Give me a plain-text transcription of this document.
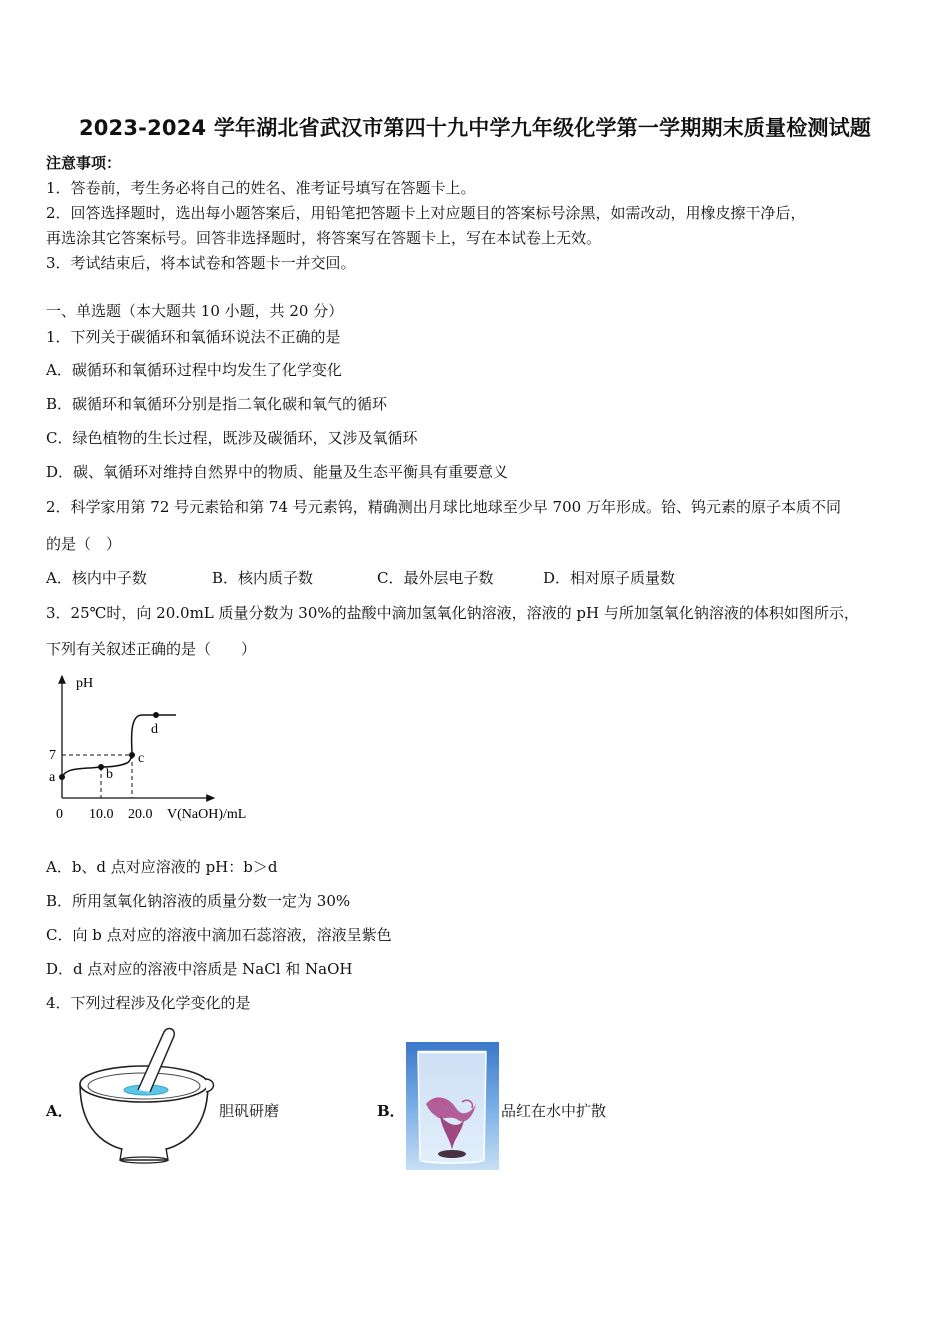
2023-2024 学年湖北省武汉市第四十九中学九年级化学第一学期期末质量检测试题
注意事项：
1．答卷前，考生务必将自己的姓名、准考证号填写在答题卡上。
2．回答选择题时，选出每小题答案后，用铅笔把答题卡上对应题目的答案标号涂黑，如需改动，用橡皮擦干净后，
再选涂其它答案标号。回答非选择题时，将答案写在答题卡上，写在本试卷上无效。
3．考试结束后，将本试卷和答题卡一并交回。
一、单选题（本大题共 10 小题，共 20 分）
1．下列关于碳循环和氧循环说法不正确的是
A．碳循环和氧循环过程中均发生了化学变化
B．碳循环和氧循环分别是指二氧化碳和氧气的循环
C．绿色植物的生长过程，既涉及碳循环，又涉及氧循环
D．碳、氧循环对维持自然界中的物质、能量及生态平衡具有重要意义
2．科学家用第 72 号元素铪和第 74 号元素钨，精确测出月球比地球至少早 700 万年形成。铪、钨元素的原子本质不同
的是（　）
A．核内中子数	B．核内质子数	C．最外层电子数	D．相对原子质量数
3．25℃时，向 20.0mL 质量分数为 30%的盐酸中滴加氢氧化钠溶液，溶液的 pH 与所加氢氧化钠溶液的体积如图所示，
下列有关叙述正确的是（　　）
pH
V(NaOH)/mL
0 10.0 20.0
7
a	b
c
d
A．b、d 点对应溶液的 pH：b＞d
B．所用氢氧化钠溶液的质量分数一定为 30%
C．向 b 点对应的溶液中滴加石蕊溶液，溶液呈紫色
D．d 点对应的溶液中溶质是 NaCl 和 NaOH
4．下列过程涉及化学变化的是
A．	胆矾研磨	B．	品红在水中扩散
